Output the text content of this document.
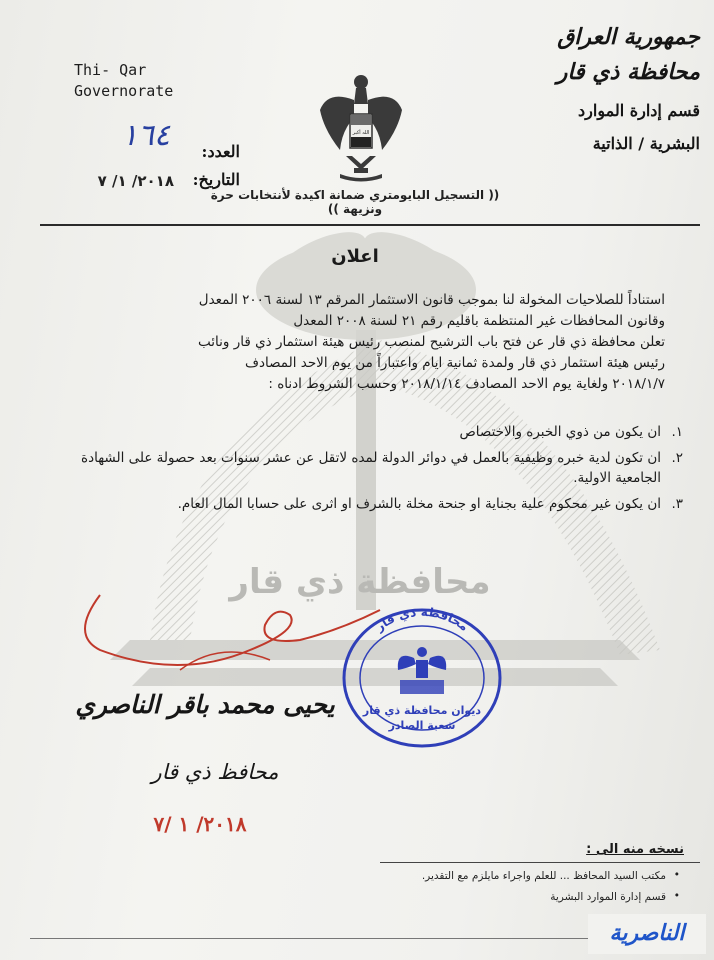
محافظة ذي قار
Thi- Qar
Governorate
جمهورية العراق
محافظة ذي قار
قسم إدارة الموارد
البشرية / الذاتية
الله أكبر
العدد:
١٦٤
التاريخ:
٢٠١٨/ ١/ ٧
(( التسجيل البايومتري ضمانة اكيدة لأنتخابات حرة ونزيهة ))
اعلان
استناداً للصلاحيات المخولة لنا بموجب قانون الاستثمار المرقم ١٣ لسنة ٢٠٠٦ المعدل
وقانون المحافظات غير المنتظمة باقليم رقم ٢١ لسنة ٢٠٠٨ المعدل
تعلن محافظة ذي قار عن فتح باب الترشيح لمنصب رئيس هيئة استثمار ذي قار ونائب
رئيس هيئة استثمار ذي قار ولمدة ثمانية ايام واعتباراً من يوم الاحد المصادف
٢٠١٨/١/٧ ولغاية يوم الاحد المصادف ٢٠١٨/١/١٤ وحسب الشروط ادناه :
١.
ان يكون من ذوي الخبره والاختصاص
٢.
ان تكون لدية خبره وظيفية بالعمل في دوائر الدولة لمده لاتقل عن عشر سنوات بعد حصولة على الشهادة الجامعية الاولية.
٣.
ان يكون غير محكوم علية بجناية او جنحة مخلة بالشرف او اثرى على حسابا المال العام.
يحيى محمد باقر الناصري
محافظ ذي قار
٢٠١٨/ ١ /٧
محافظة ذي قار
ديوان محافظة ذي قار
شعبة الصادر
نسخه منه الى :
• مكتب السيد المحافظ ... للعلم واجراء مايلزم مع التقدير.
• قسم إدارة الموارد البشرية
الناصرية
